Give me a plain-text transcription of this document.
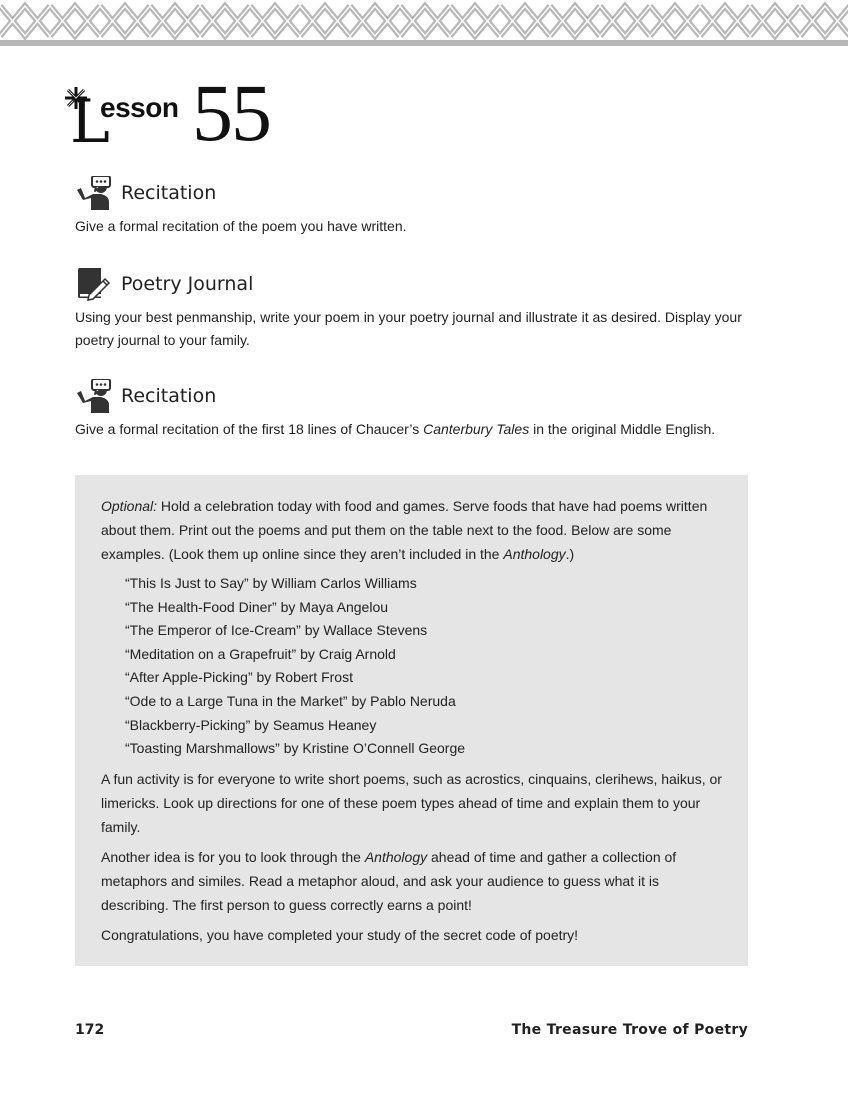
L
esson 55
Recitation
Give a formal recitation of the poem you have written.
Poetry Journal
Using your best penmanship, write your poem in your poetry journal and illustrate it as desired. Display your poetry journal to your family.
Recitation
Give a formal recitation of the first 18 lines of Chaucer’s Canterbury Tales in the original Middle English.

Optional: Hold a celebration today with food and games. Serve foods that have had poems written about them. Print out the poems and put them on the table next to the food. Below are some examples. (Look them up online since they aren’t included in the Anthology.)

“This Is Just to Say” by William Carlos Williams
“The Health-Food Diner” by Maya Angelou
“The Emperor of Ice-Cream” by Wallace Stevens
“Meditation on a Grapefruit” by Craig Arnold
“After Apple-Picking” by Robert Frost
“Ode to a Large Tuna in the Market” by Pablo Neruda
“Blackberry-Picking” by Seamus Heaney
“Toasting Marshmallows” by Kristine O’Connell George

A fun activity is for everyone to write short poems, such as acrostics, cinquains, clerihews, haikus, or limericks. Look up directions for one of these poem types ahead of time and explain them to your family.

Another idea is for you to look through the Anthology ahead of time and gather a collection of metaphors and similes. Read a metaphor aloud, and ask your audience to guess what it is describing. The first person to guess correctly earns a point!

Congratulations, you have completed your study of the secret code of poetry!

172	The Treasure Trove of Poetry
